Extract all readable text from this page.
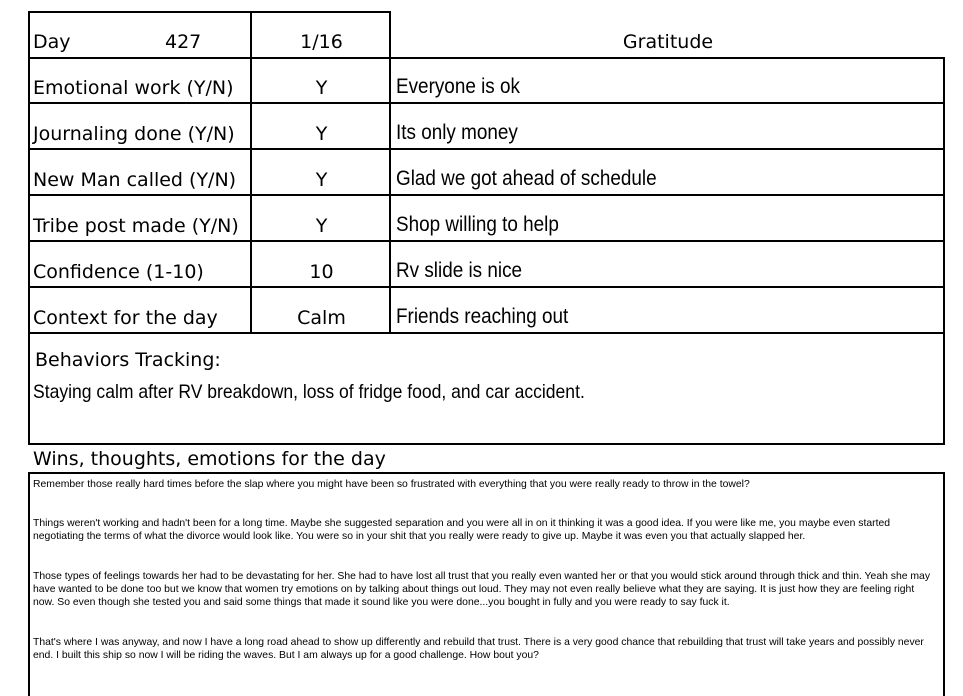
Day	427	1/16	Gratitude
Emotional work (Y/N)	Y	Everyone is ok
Journaling done (Y/N)	Y	Its only money
New Man called (Y/N)	Y	Glad we got ahead of schedule
Tribe post made (Y/N)	Y	Shop willing to help
Confidence (1-10)	10	Rv slide is nice
Context for the day	Calm	Friends reaching out
Behaviors Tracking:
Staying calm after RV breakdown, loss of fridge food, and car accident.
Wins, thoughts, emotions for the day

Remember those really hard times before the slap where you might have been so frustrated with everything that you were really ready to throw in the towel?

Things weren't working and hadn't been for a long time. Maybe she suggested separation and you were all in on it thinking it was a good idea. If you were like me, you maybe even started negotiating the terms of what the divorce would look like. You were so in your shit that you really were ready to give up. Maybe it was even you that actually slapped her.

Those types of feelings towards her had to be devastating for her. She had to have lost all trust that you really even wanted her or that you would stick around through thick and thin. Yeah she may have wanted to be done too but we know that women try emotions on by talking about things out loud. They may not even really believe what they are saying. It is just how they are feeling right now. So even though she tested you and said some things that made it sound like you were done...you bought in fully and you were ready to say fuck it.

That's where I was anyway, and now I have a long road ahead to show up differently and rebuild that trust. There is a very good chance that rebuilding that trust will take years and possibly never end. I built this ship so now I will be riding the waves. But I am always up for a good challenge. How bout you?
